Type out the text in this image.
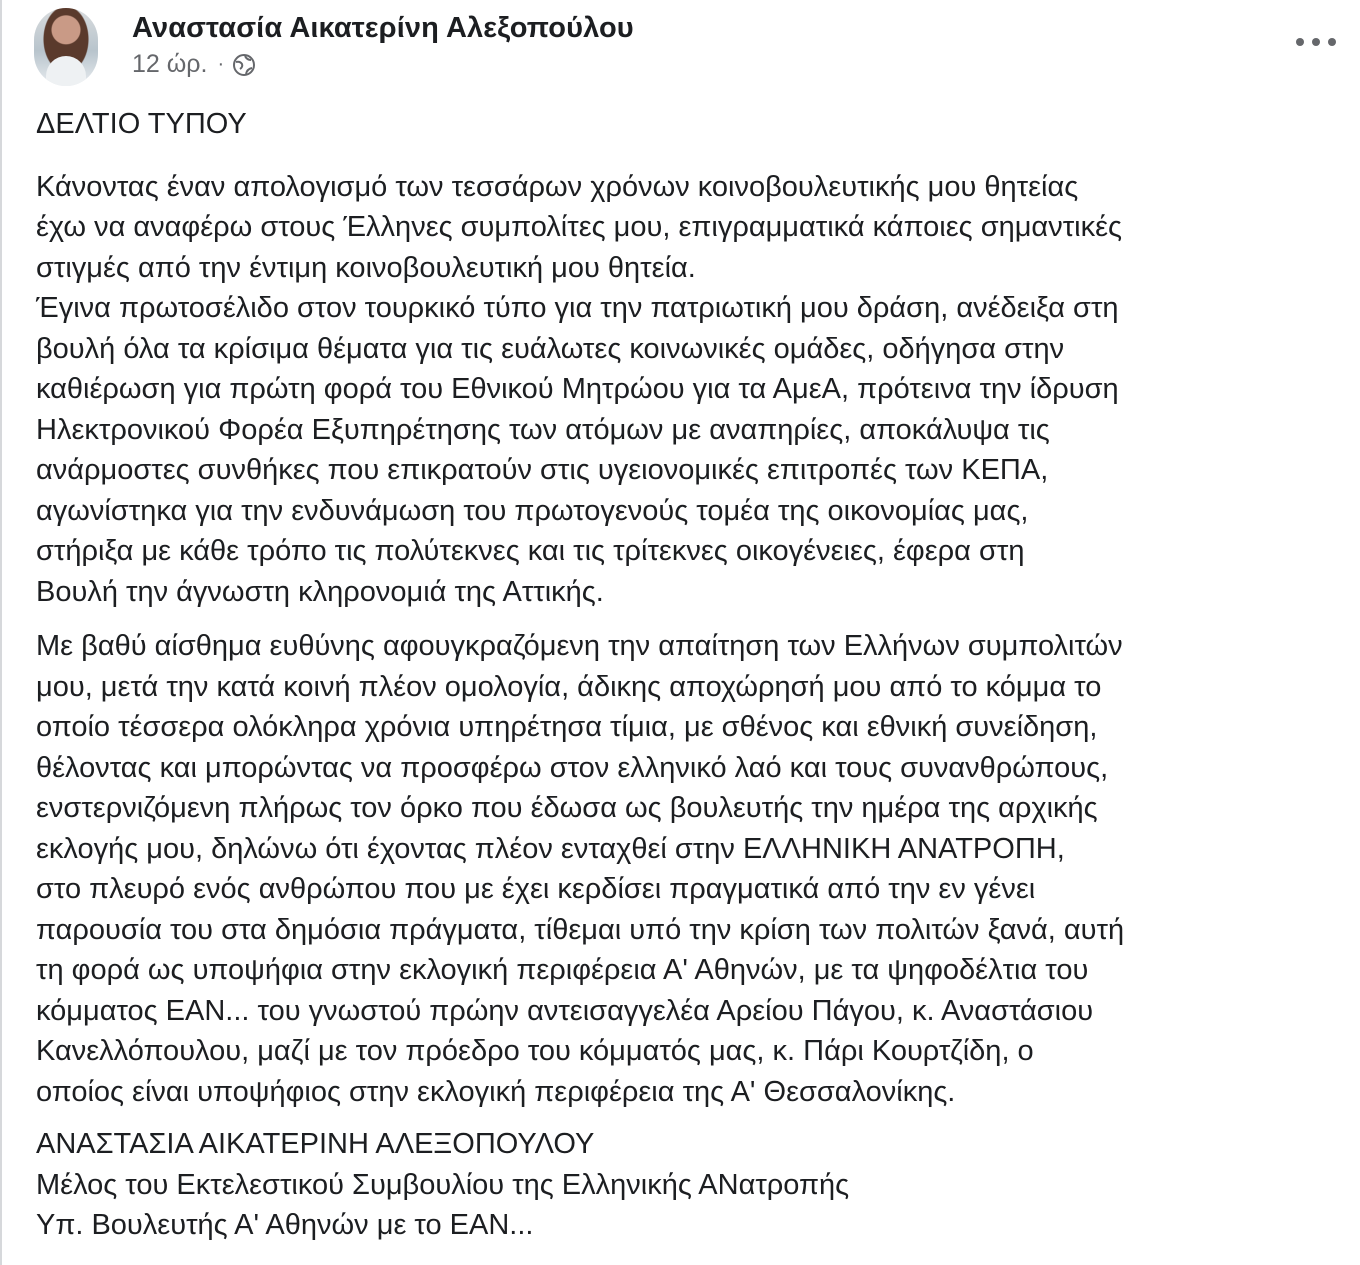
Αναστασία Αικατερίνη Αλεξοπούλου
12 ώρ. ·

ΔΕΛΤΙΟ ΤΥΠΟΥ

Κάνοντας έναν απολογισμό των τεσσάρων χρόνων κοινοβουλευτικής μου θητείας
έχω να αναφέρω στους Έλληνες συμπολίτες μου, επιγραμματικά κάποιες σημαντικές
στιγμές από την έντιμη κοινοβουλευτική μου θητεία.
Έγινα πρωτοσέλιδο στον τουρκικό τύπο για την πατριωτική μου δράση, ανέδειξα στη
βουλή όλα τα κρίσιμα θέματα για τις ευάλωτες κοινωνικές ομάδες, οδήγησα στην
καθιέρωση για πρώτη φορά του Εθνικού Μητρώου για τα ΑμεΑ, πρότεινα την ίδρυση
Ηλεκτρονικού Φορέα Εξυπηρέτησης των ατόμων με αναπηρίες, αποκάλυψα τις
ανάρμοστες συνθήκες που επικρατούν στις υγειονομικές επιτροπές των ΚΕΠΑ,
αγωνίστηκα για την ενδυνάμωση του πρωτογενούς τομέα της οικονομίας μας,
στήριξα με κάθε τρόπο τις πολύτεκνες και τις τρίτεκνες οικογένειες, έφερα στη
Βουλή την άγνωστη κληρονομιά της Αττικής.

Με βαθύ αίσθημα ευθύνης αφουγκραζόμενη την απαίτηση των Ελλήνων συμπολιτών
μου, μετά την κατά κοινή πλέον ομολογία, άδικης αποχώρησή μου από το κόμμα το
οποίο τέσσερα ολόκληρα χρόνια υπηρέτησα τίμια, με σθένος και εθνική συνείδηση,
θέλοντας και μπορώντας να προσφέρω στον ελληνικό λαό και τους συνανθρώπους,
ενστερνιζόμενη πλήρως τον όρκο που έδωσα ως βουλευτής την ημέρα της αρχικής
εκλογής μου, δηλώνω ότι έχοντας πλέον ενταχθεί στην ΕΛΛΗΝΙΚΗ ΑΝΑΤΡΟΠΗ,
στο πλευρό ενός ανθρώπου που με έχει κερδίσει πραγματικά από την εν γένει
παρουσία του στα δημόσια πράγματα, τίθεμαι υπό την κρίση των πολιτών ξανά, αυτή
τη φορά ως υποψήφια στην εκλογική περιφέρεια Α' Αθηνών, με τα ψηφοδέλτια του
κόμματος ΕΑΝ... του γνωστού πρώην αντεισαγγελέα Αρείου Πάγου, κ. Αναστάσιου
Κανελλόπουλου, μαζί με τον πρόεδρο του κόμματός μας, κ. Πάρι Κουρτζίδη, ο
οποίος είναι υποψήφιος στην εκλογική περιφέρεια της Α' Θεσσαλονίκης.

ΑΝΑΣΤΑΣΙΑ ΑΙΚΑΤΕΡΙΝΗ ΑΛΕΞΟΠΟΥΛΟΥ
Μέλος του Εκτελεστικού Συμβουλίου της Ελληνικής ΑΝατροπής
Υπ. Βουλευτής Α' Αθηνών με το ΕΑΝ...
